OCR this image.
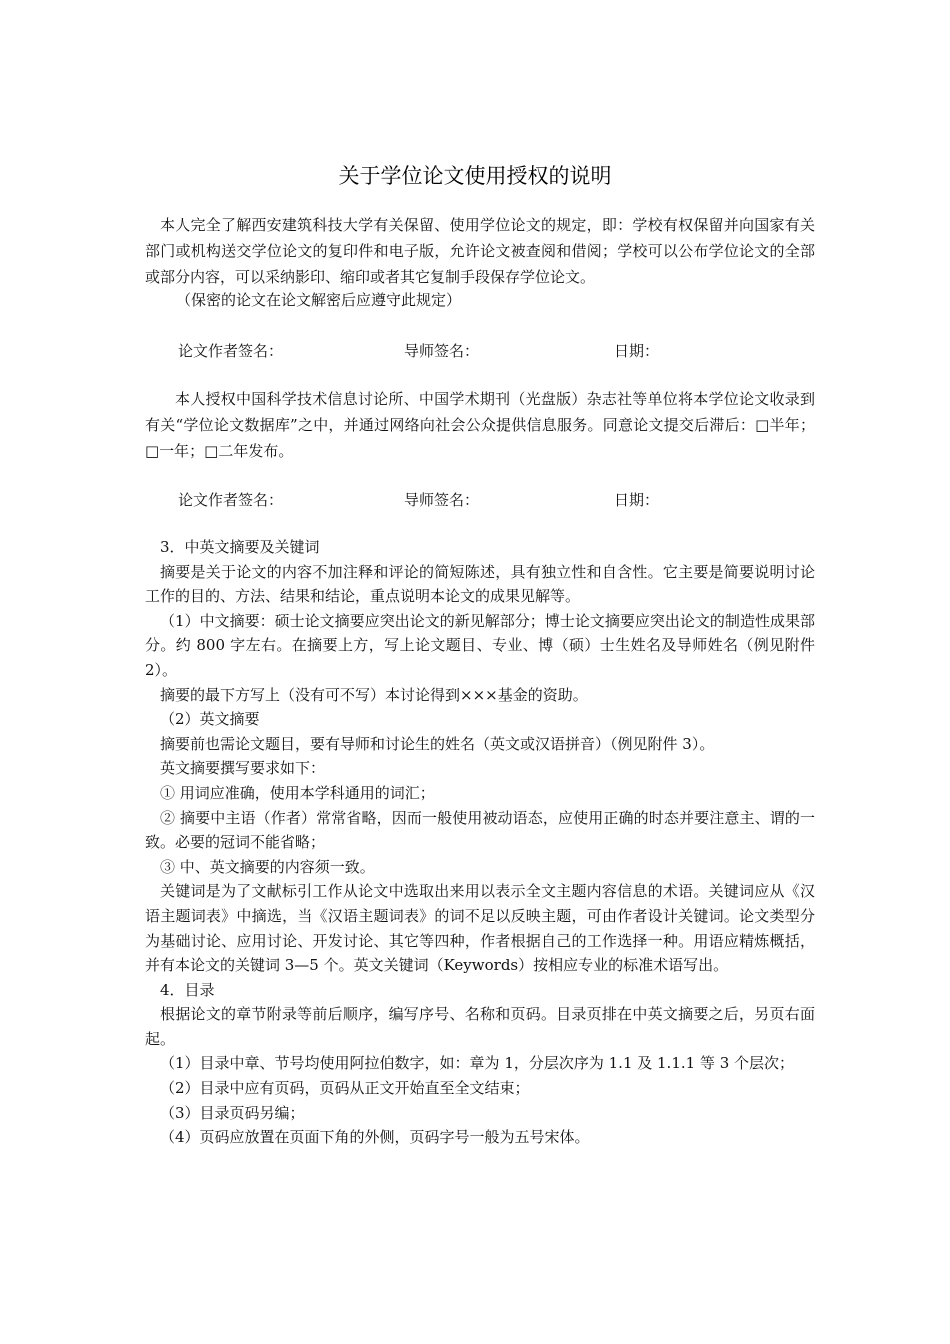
关于学位论文使用授权的说明

本人完全了解西安建筑科技大学有关保留、使用学位论文的规定，即：学校有权保留并向国家有关部门或机构送交学位论文的复印件和电子版，允许论文被查阅和借阅；学校可以公布学位论文的全部或部分内容，可以采纳影印、缩印或者其它复制手段保存学位论文。

（保密的论文在论文解密后应遵守此规定）

论文作者签名：	导师签名：	日期：

本人授权中国科学技术信息讨论所、中国学术期刊（光盘版）杂志社等单位将本学位论文收录到有关“学位论文数据库”之中，并通过网络向社会公众提供信息服务。同意论文提交后滞后：□半年；□一年；□二年发布。

论文作者签名：	导师签名：	日期：

3．中英文摘要及关键词

摘要是关于论文的内容不加注释和评论的简短陈述，具有独立性和自含性。它主要是简要说明讨论工作的目的、方法、结果和结论，重点说明本论文的成果见解等。

（1）中文摘要：硕士论文摘要应突出论文的新见解部分；博士论文摘要应突出论文的制造性成果部分。约 800 字左右。在摘要上方，写上论文题目、专业、博（硕）士生姓名及导师姓名（例见附件 2）。

摘要的最下方写上（没有可不写）本讨论得到×××基金的资助。

（2）英文摘要

摘要前也需论文题目，要有导师和讨论生的姓名（英文或汉语拼音）（例见附件 3）。

英文摘要撰写要求如下：

① 用词应准确，使用本学科通用的词汇；

② 摘要中主语（作者）常常省略，因而一般使用被动语态，应使用正确的时态并要注意主、谓的一致。必要的冠词不能省略；

③ 中、英文摘要的内容须一致。

关键词是为了文献标引工作从论文中选取出来用以表示全文主题内容信息的术语。关键词应从《汉语主题词表》中摘选，当《汉语主题词表》的词不足以反映主题，可由作者设计关键词。论文类型分为基础讨论、应用讨论、开发讨论、其它等四种，作者根据自己的工作选择一种。用语应精炼概括，并有本论文的关键词 3—5 个。英文关键词（Keywords）按相应专业的标准术语写出。

4．目录

根据论文的章节附录等前后顺序，编写序号、名称和页码。目录页排在中英文摘要之后，另页右面起。

（1）目录中章、节号均使用阿拉伯数字，如：章为 1，分层次序为 1.1 及 1.1.1 等 3 个层次；

（2）目录中应有页码，页码从正文开始直至全文结束；

（3）目录页码另编；

（4）页码应放置在页面下角的外侧，页码字号一般为五号宋体。
